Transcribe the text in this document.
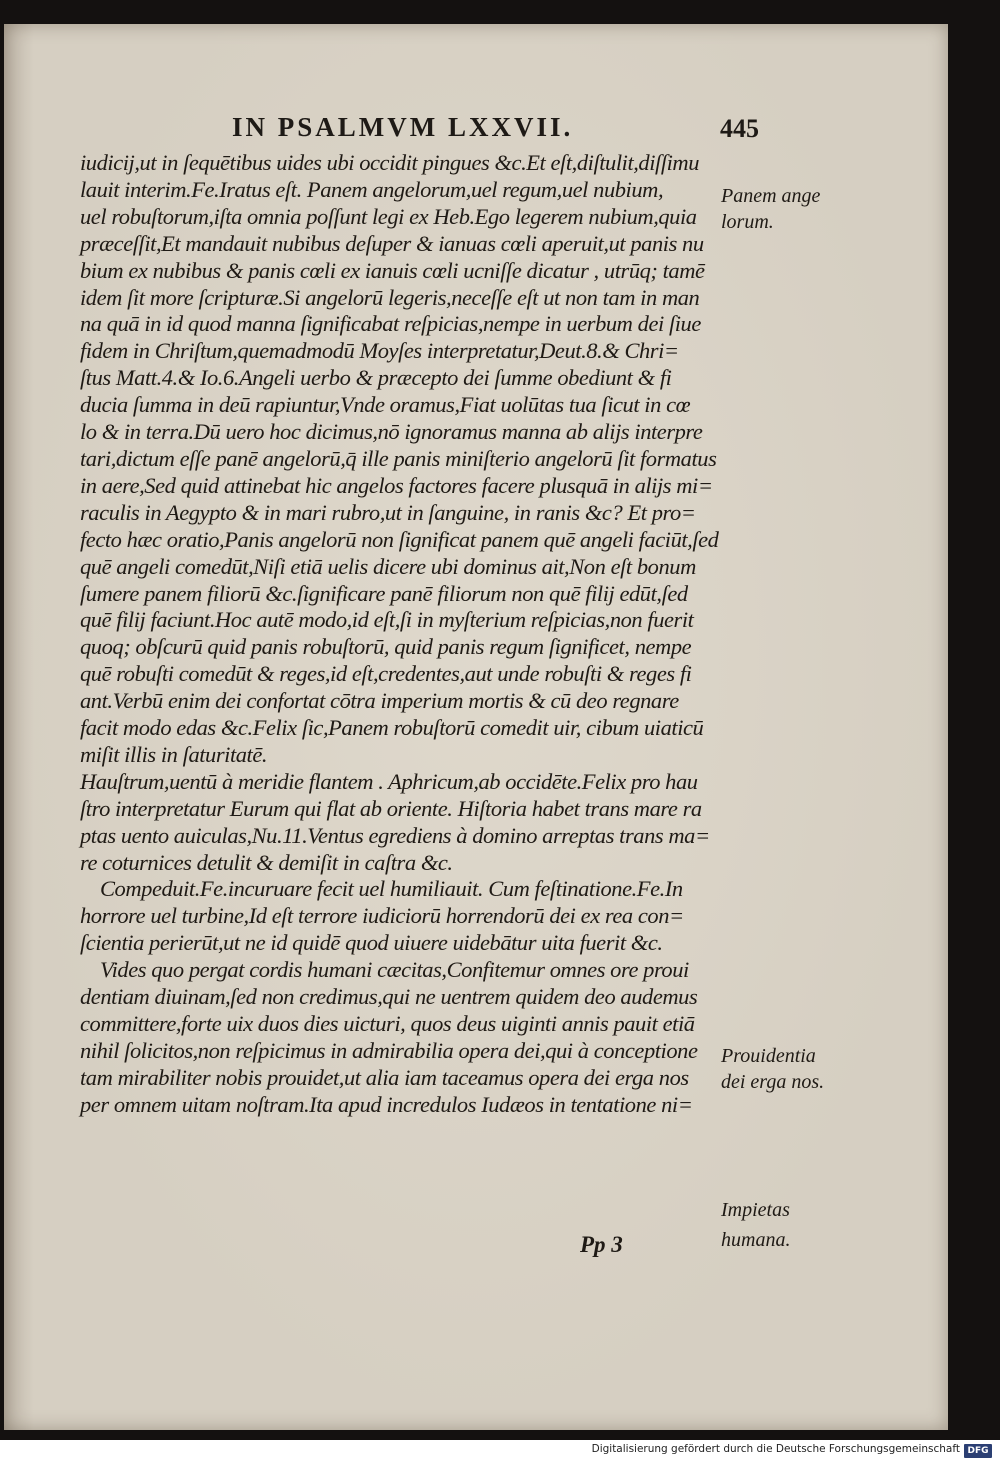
IN PSALMVM LXXVII.	445
iudicij,ut in ſequētibus uides ubi occidit pingues &c.Et eſt,diſtulit,diſſimu
lauit interim.Fe.Iratus eſt. Panem angelorum,uel regum,uel nubium,
uel robuſtorum,iſta omnia poſſunt legi ex Heb.Ego legerem nubium,quia
præceſſit,Et mandauit nubibus deſuper & ianuas cœli aperuit,ut panis nu
bium ex nubibus & panis cœli ex ianuis cœli ucniſſe dicatur , utrūq; tamē
idem ſit more ſcripturæ.Si angelorū legeris,neceſſe eſt ut non tam in man
na quā in id quod manna ſignificabat reſpicias,nempe in uerbum dei ſiue
fidem in Chriſtum,quemadmodū Moyſes interpretatur,Deut.8.& Chri=
ſtus Matt.4.& Io.6.Angeli uerbo & præcepto dei ſumme obediunt & fi
ducia ſumma in deū rapiuntur,Vnde oramus,Fiat uolūtas tua ſicut in cœ
lo & in terra.Dū uero hoc dicimus,nō ignoramus manna ab alijs interpre
tari,dictum eſſe panē angelorū,q̄ ille panis miniſterio angelorū ſit formatus
in aere,Sed quid attinebat hic angelos factores facere plusquā in alijs mi=
raculis in Aegypto & in mari rubro,ut in ſanguine, in ranis &c? Et pro=
fecto hæc oratio,Panis angelorū non ſignificat panem quē angeli faciūt,ſed
quē angeli comedūt,Niſi etiā uelis dicere ubi dominus ait,Non eſt bonum
ſumere panem filiorū &c.ſignificare panē filiorum non quē filij edūt,ſed
quē filij faciunt.Hoc autē modo,id eſt,ſi in myſterium reſpicias,non fuerit
quoq; obſcurū quid panis robuſtorū, quid panis regum ſignificet, nempe
quē robuſti comedūt & reges,id eſt,credentes,aut unde robuſti & reges fi
ant.Verbū enim dei confortat cōtra imperium mortis & cū deo regnare
facit modo edas &c.Felix ſic,Panem robuſtorū comedit uir, cibum uiaticū
miſit illis in ſaturitatē.
Hauſtrum,uentū à meridie flantem . Aphricum,ab occidēte.Felix pro hau
ſtro interpretatur Eurum qui flat ab oriente. Hiſtoria habet trans mare ra
ptas uento auiculas,Nu.11.Ventus egrediens à domino arreptas trans ma=
re coturnices detulit & demiſit in caſtra &c.
Compeduit.Fe.incuruare fecit uel humiliauit. Cum feſtinatione.Fe.In
horrore uel turbine,Id eſt terrore iudiciorū horrendorū dei ex rea con=
ſcientia perierūt,ut ne id quidē quod uiuere uidebātur uita fuerit &c.
Vides quo pergat cordis humani cæcitas,Confitemur omnes ore proui
dentiam diuinam,ſed non credimus,qui ne uentrem quidem deo audemus
committere,forte uix duos dies uicturi, quos deus uiginti annis pauit etiā
nihil ſolicitos,non reſpicimus in admirabilia opera dei,qui à conceptione
tam mirabiliter nobis prouidet,ut alia iam taceamus opera dei erga nos
per omnem uitam noſtram.Ita apud incredulos Iudæos in tentatione ni=
Panem ange
lorum.
Prouidentia
dei erga nos.
Impietas
humana.
Pp 3
Digitalisierung gefördert durch die Deutsche Forschungsgemeinschaft DFG
